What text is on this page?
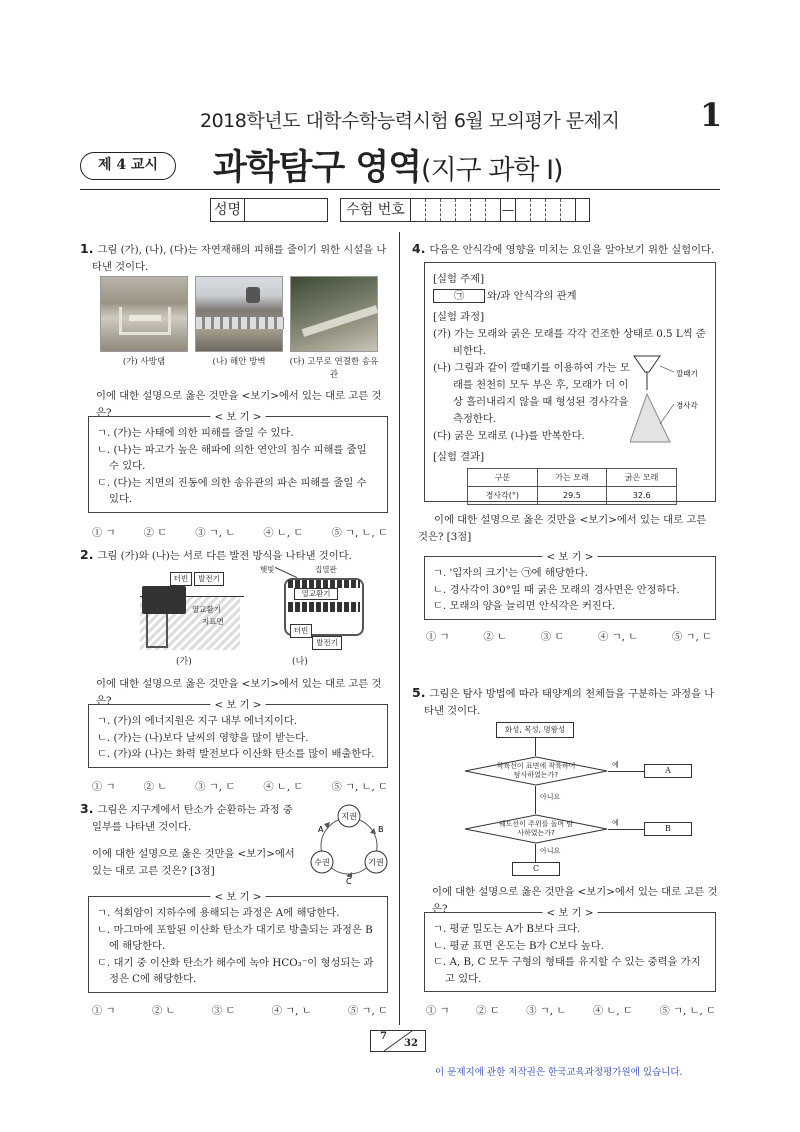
2018학년도 대학수학능력시험 6월 모의평가 문제지	1
제 4 교시	과학탐구 영역(지구 과학 Ⅰ)
성명	수험 번호	—
1. 그림 (가), (나), (다)는 자연재해의 피해를 줄이기 위한 시설을 나타낸 것이다.
(가) 사방댐	(나) 해안 방벽	(다) 고무로 연결한 송유관
이에 대한 설명으로 옳은 것만을 <보기>에서 있는 대로 고른 것은?	< 보 기 >
ㄱ. (가)는 사태에 의한 피해를 줄일 수 있다.
ㄴ. (나)는 파고가 높은 해파에 의한 연안의 침수 피해를 줄일 수 있다.
ㄷ. (다)는 지면의 진동에 의한 송유관의 파손 피해를 줄일 수 있다.
① ㄱ	② ㄷ	③ ㄱ, ㄴ	④ ㄴ, ㄷ	⑤ ㄱ, ㄴ, ㄷ
2. 그림 (가)와 (나)는 서로 다른 발전 방식을 나타낸 것이다.
터빈	발전기
열교환기
지표면
햇빛	집열판
열교환기
터빈
발전기
(가)	(나)
이에 대한 설명으로 옳은 것만을 <보기>에서 있는 대로 고른 것은?	< 보 기 >
ㄱ. (가)의 에너지원은 지구 내부 에너지이다.
ㄴ. (가)는 (나)보다 날씨의 영향을 많이 받는다.
ㄷ. (가)와 (나)는 화력 발전보다 이산화 탄소를 많이 배출한다.
① ㄱ	② ㄴ	③ ㄱ, ㄷ	④ ㄴ, ㄷ	⑤ ㄱ, ㄴ, ㄷ
3. 그림은 지구계에서 탄소가 순환하는 과정 중 일부를 나타낸 것이다.
이에 대한 설명으로 옳은 것만을 <보기>에서 있는 대로 고른 것은? [3점]
지권
수권	기권
A	B
C
< 보 기 >
ㄱ. 석회암이 지하수에 용해되는 과정은 A에 해당한다.
ㄴ. 마그마에 포함된 이산화 탄소가 대기로 방출되는 과정은 B에 해당한다.
ㄷ. 대기 중 이산화 탄소가 해수에 녹아 HCO₃⁻이 형성되는 과정은 C에 해당한다.
① ㄱ	② ㄴ	③ ㄷ	④ ㄱ, ㄴ	⑤ ㄱ, ㄷ
4. 다음은 안식각에 영향을 미치는 요인을 알아보기 위한 실험이다.
[실험 주제]
㉠ 와/과 안식각의 관계
[실험 과정]
(가) 가는 모래와 굵은 모래를 각각 건조한 상태로 0.5 L씩 준비한다.
(나) 그림과 같이 깔때기를 이용하여 가는 모래를 천천히 모두 부은 후, 모래가 더 이상 흘러내리지 않을 때 형성된 경사각을 측정한다.
(다) 굵은 모래로 (나)를 반복한다.
[실험 결과]
구분	가는 모래	굵은 모래
경사각(°)	29.5	32.6
깔때기
경사각
이에 대한 설명으로 옳은 것만을 <보기>에서 있는 대로 고른 것은? [3점]
< 보 기 >
ㄱ. '입자의 크기'는 ㉠에 해당한다.
ㄴ. 경사각이 30°일 때 굵은 모래의 경사면은 안정하다.
ㄷ. 모래의 양을 늘리면 안식각은 커진다.
① ㄱ	② ㄴ	③ ㄷ	④ ㄱ, ㄴ	⑤ ㄱ, ㄷ
5. 그림은 탐사 방법에 따라 태양계의 천체들을 구분하는 과정을 나타낸 것이다.
화성, 목성, 명왕성
착륙선이 표면에 착륙하여 탐사하였는가?
예
A
아니요
궤도선이 주위를 돌며 탐사하였는가?
예
B
아니요
C
이에 대한 설명으로 옳은 것만을 <보기>에서 있는 대로 고른 것은?	< 보 기 >
ㄱ. 평균 밀도는 A가 B보다 크다.
ㄴ. 평균 표면 온도는 B가 C보다 높다.
ㄷ. A, B, C 모두 구형의 형태를 유지할 수 있는 중력을 가지고 있다.
① ㄱ	② ㄷ	③ ㄱ, ㄴ	④ ㄴ, ㄷ	⑤ ㄱ, ㄴ, ㄷ
7
32
이 문제지에 관한 저작권은 한국교육과정평가원에 있습니다.
